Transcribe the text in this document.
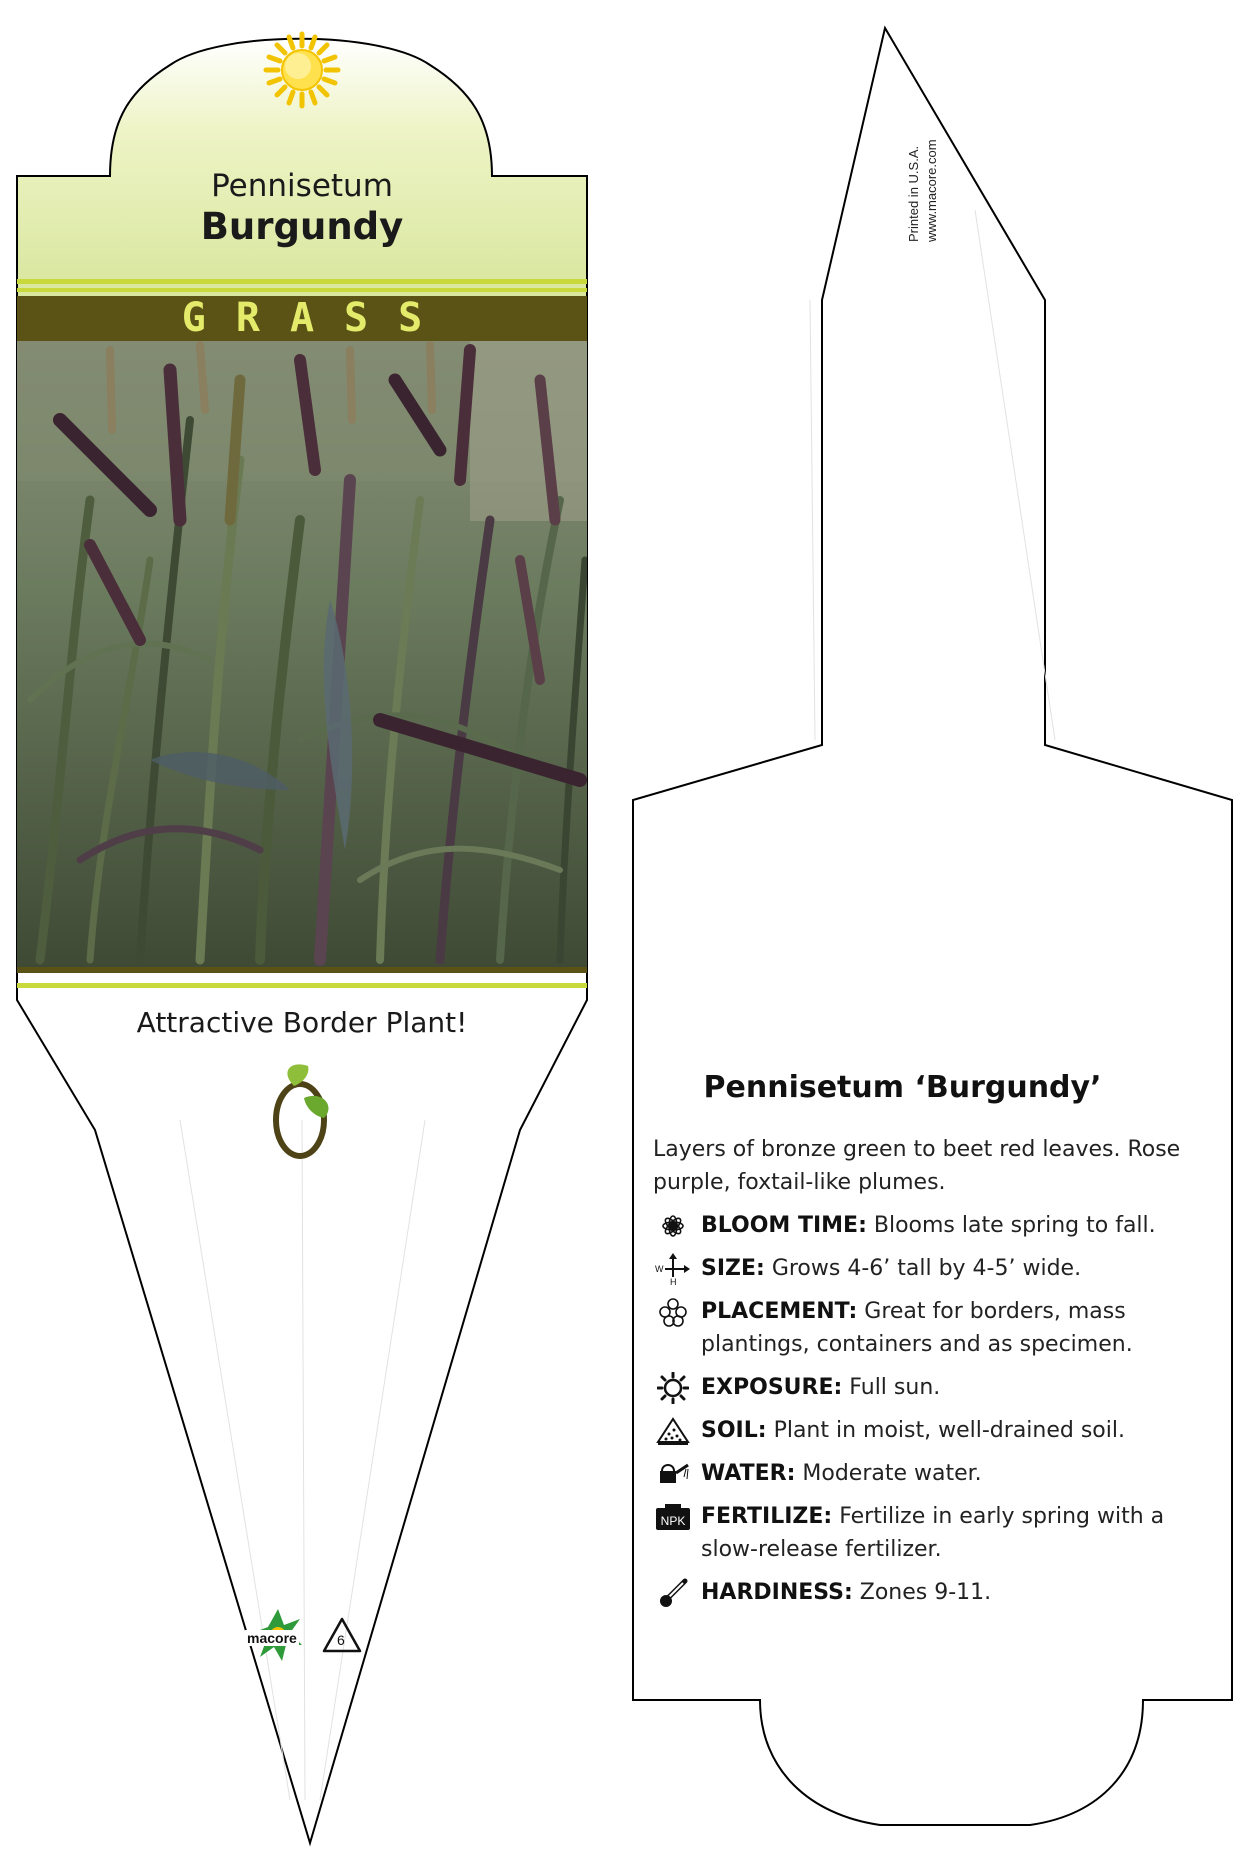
Pennisetum
Burgundy
GRASS
Attractive Border Plant!
macore	6
Printed in U.S.A. www.macore.com
Pennisetum ‘Burgundy’

Layers of bronze green to beet red leaves. Rose purple, foxtail-like plumes.

BLOOM TIME: Blooms late spring to fall.
W
H
SIZE: Grows 4-6’ tall by 4-5’ wide.
PLACEMENT: Great for borders, mass plantings, containers and as specimen.
EXPOSURE: Full sun.
SOIL: Plant in moist, well-drained soil.
WATER: Moderate water.
NPK FERTILIZE: Fertilize in early spring with a slow-release fertilizer.
HARDINESS: Zones 9-11.
